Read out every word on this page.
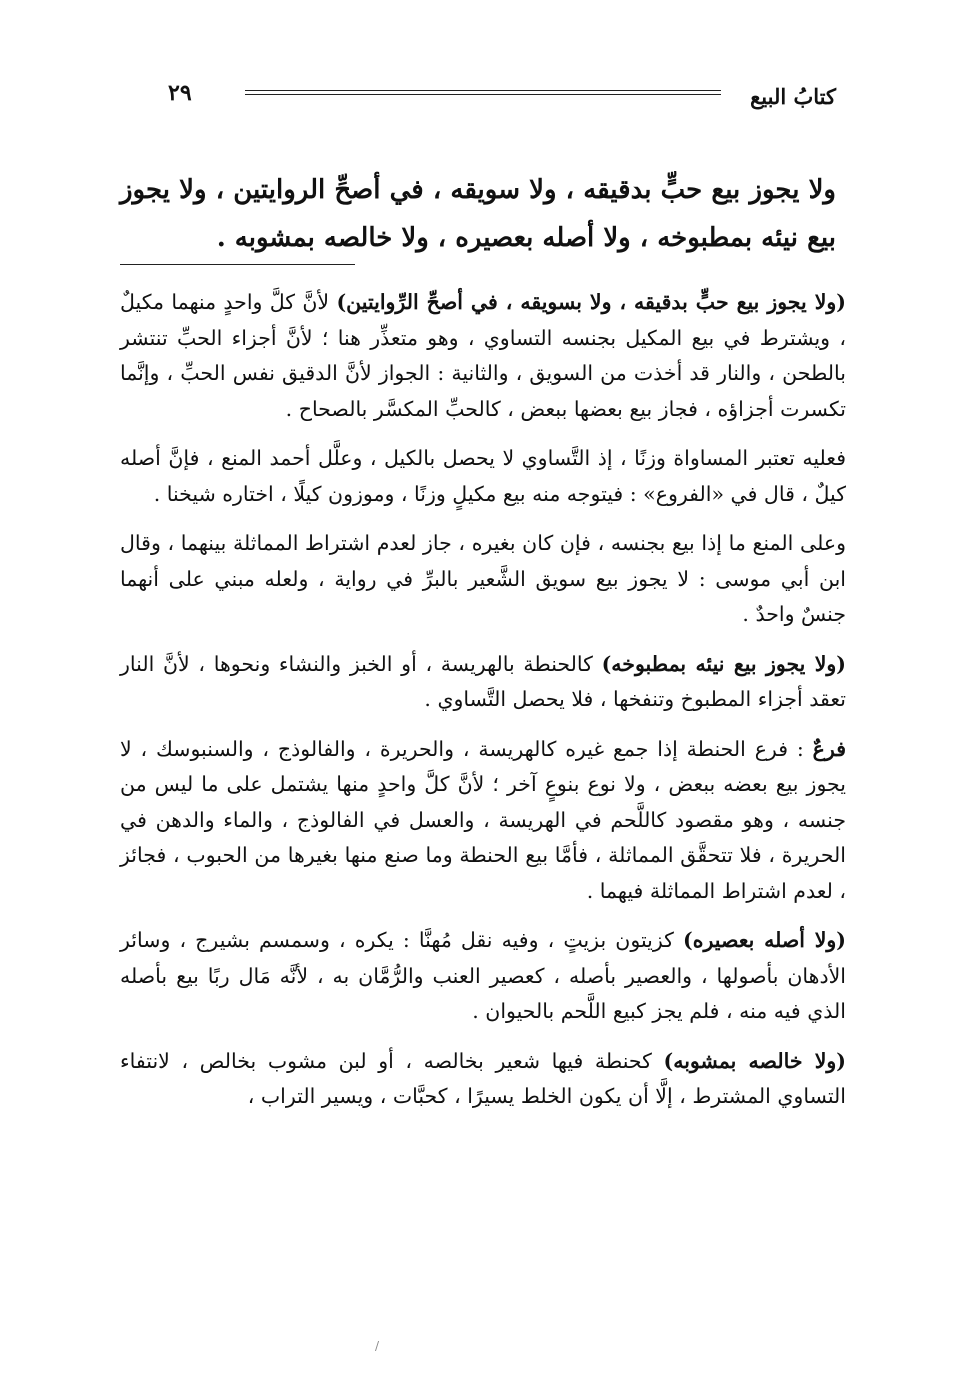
كتابُ البيع
٢٩
ولا يجوز بيع حبٍّ بدقيقه ، ولا سويقه ، في أصحِّ الروايتين ، ولا يجوز بيع نيئه بمطبوخه ، ولا أصله بعصيره ، ولا خالصه بمشوبه .

(ولا يجوز بيع حبٍّ بدقيقه ، ولا بسويقه ، في أصحِّ الرِّوايتين) لأنَّ كلَّ واحدٍ منهما مكيلٌ ، ويشترط في بيع المكيل بجنسه التساوي ، وهو متعذِّر هنا ؛ لأنَّ أجزاء الحبِّ تنتشر بالطحن ، والنار قد أخذت من السويق ، والثانية : الجواز لأنَّ الدقيق نفس الحبِّ ، وإنَّما تكسرت أجزاؤه ، فجاز بيع بعضها ببعض ، كالحبِّ المكسَّر بالصحاح .

فعليه تعتبر المساواة وزنًا ، إذ التَّساوي لا يحصل بالكيل ، وعلَّل أحمد المنع ، فإنَّ أصله كيلٌ ، قال في «الفروع» : فيتوجه منه بيع مكيلٍ وزنًا ، وموزون كيلًا ، اختاره شيخنا .

وعلى المنع ما إذا بيع بجنسه ، فإن كان بغيره ، جاز لعدم اشتراط المماثلة بينهما ، وقال ابن أبي موسى : لا يجوز بيع سويق الشَّعير بالبرِّ في رواية ، ولعله مبني على أنهما جنسٌ واحدٌ .

(ولا يجوز بيع نيئه بمطبوخه) كالحنطة بالهريسة ، أو الخبز والنشاء ونحوها ، لأنَّ النار تعقد أجزاء المطبوخ وتنفخها ، فلا يحصل التَّساوي .

فرعٌ : فرع الحنطة إذا جمع غيره كالهريسة ، والحريرة ، والفالوذج ، والسنبوسك ، لا يجوز بيع بعضه ببعض ، ولا نوع بنوعٍ آخر ؛ لأنَّ كلَّ واحدٍ منها يشتمل على ما ليس من جنسه ، وهو مقصود كاللَّحم في الهريسة ، والعسل في الفالوذج ، والماء والدهن في الحريرة ، فلا تتحقَّق المماثلة ، فأمَّا بيع الحنطة وما صنع منها بغيرها من الحبوب ، فجائز ، لعدم اشتراط المماثلة فيهما .

(ولا أصله بعصيره) كزيتون بزيتٍ ، وفيه نقل مُهنَّا : يكره ، وسمسم بشيرج ، وسائر الأدهان بأصولها ، والعصير بأصله ، كعصير العنب والرُّمَّان به ، لأنَّه مَال ربًا بيع بأصله الذي فيه منه ، فلم يجز كبيع اللَّحم بالحيوان .

(ولا خالصه بمشوبه) كحنطة فيها شعير بخالصه ، أو لبن مشوب بخالص ، لانتفاء التساوي المشترط ، إلَّا أن يكون الخلط يسيرًا ، كحبَّات ، ويسير التراب ،

/
